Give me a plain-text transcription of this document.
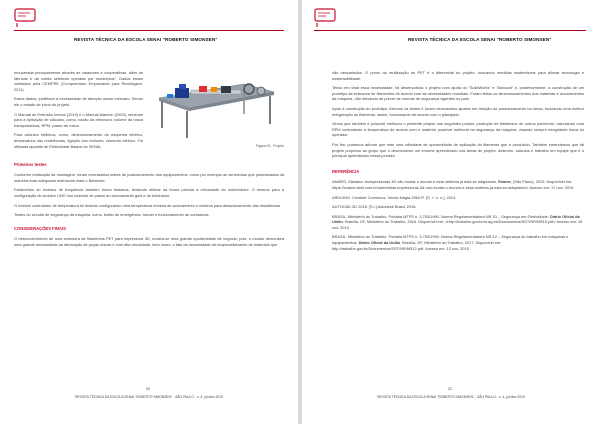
REVISTA TÉCNICA DA ESCOLA SENAI "ROBERTO SIMONSEN"
Figura 03 - Projeto

recuperada principalmente através de catadores e cooperativas, além de fábricas e da coleta seletivos operada por municípios". Dados esses coletados pela CEMPRE (Compromisso Empresarial para Reciclagem, 2011).

Esses dados, justificam a necessidade de atenção nesse mercado. Sendo ele o estado de início do projeto.

O Manual de Extrusão Innova (2019) e o Manual Manrich (2003), serviram para a aplicação de cálculos, como, vazão da extrusora, volume da rosca transportadora, RPM, passo de rosca.

Para cálculos elétricos, como, dimensionamento do esquema elétrico, temperatura das resistências, ligação dos motores, cemento elétrico. Foi utilizada apostila de Eletricidade Básica do SENAI.

Primeiros testes

Conforme realização da montagem, foram necessários testes de posicionamento dos equipamentos, como por exemplo as ventoinhas que posicionadas da maneira mais adequada resfriavam mais o filamento.

Parâmetros do inversor de frequência também foram testados, tentando alinhar da forma precisa a velocidade do motoredutor. O mesmo para a configuração do Arduino UNO nos motores de passo do acionamento guia e do bobinador.

O módulo controlador de temperatura foi testado configurando uma temperatura mínima de acionamento e máxima para desacionamento das resistências.

Testes do circuito de segurança da máquina, como, botão de emergência, fusível e funcionamento de contatoras.

CONSIDERAÇÕES FINAIS

O desenvolvimento de uma extrusora de filamentos PET para impressora 3D, mostra-se uma grande oportunidade de negócio, pois, o mundo demonstra uma grande necessidade da fabricação de peças únicas e com alta velocidade, bem como, o fato da necessidade de reaproveitamento de materiais que

20
REVISTA TÉCNICA DA ESCOLA SENAI "ROBERTO SIMONSEN" - SÃO PAULO - n. 4, jul./dez 2019
REVISTA TÉCNICA DA ESCOLA SENAI "ROBERTO SIMONSEN"

são descartados. O ponto da reutilização do PET é o diferencial do projeto, buscando medidas sustentáveis para alinhar tecnologia e sustentabilidade.

Tendo em vista essa necessidade, foi desenvolvido o projeto com ajuda do "SolidWorks" e "Autocad" e, posteriormente, a construção de um protótipo da extrusora de filamentos de acordo com as necessidades mundiais. Foram feitos os dimensionamentos dos materiais e acionamentos da máquina, não deixando de prever as normas de segurança vigentes no país.

Após a construção do protótipo, fizemos os testes e foram necessários ajustes em relação ao posicionamento na mesa, buscando uma melhor refrigeração do filamento, assim, funcionando de acordo com o planejado.

Vimos que também é possível melhorar o presente projeto nos seguintes pontos: produção de filamentos de outros polímeros, calculando uma RPM controlando a temperatura de acordo com o material; possível melhoria na segurança da máquina, visando sempre integridade física do operador.

Por fim, podemos afirmar que este uma infinidade de oportunidade de aplicação do filamento que é produzido. Também entendemos que tal projeto propiciou ao grupo que o desenvolveu um enorme aprendizado nas áreas de projeto, desenho, cálculos e trabalho em equipe que é o principal aprendizado nessa jornada.

REFERÊNCIA

AMARO, Mariana. Asimpressoras 3D vão mudar o mundo e esse sistema já está se adaptando. Exame, (São Paulo), 2019. Disponível em: https://exame.abril.com.br/carreira/as-impressoras-3d-vao-mudar-o-mundo-e-esse-sistema-ja-esta-se-adaptando/. Acesso em: 17 nov. 2019.

ARDUINO. Creative Commons, Vendo Magia 2560 R. [S. l.: s. n.], 2014.

AUTOCAD 3D 2016. [S.l.] Autodesk Brasil, 2016.

BRASIL. Ministério do Trabalho. Portaria MTPS n. 3.753/1990. Norma Regulamentadora NR 10 – Segurança em Eletricidade. Diário Oficial da União. Brasília, DF, Ministério do Trabalho, 2016. Disponível em: <http://trabalho.gov.br/nr.ag.es/Documentos/SST/NR/NR10.pdf> Acesso em: 18 nov. 2019.

BRASIL. Ministério do Trabalho. Portaria MTPS n. 3.753/1990. Norma Regulamentadora NR-12 – Segurança do trabalho em máquinas e equipamentos. Diário Oficial da União. Brasília, DF, Ministério do Trabalho, 2017. Disponível em: http://trabalho.gov.br/Documentos/SST/NR/NR12.pdf. Acesso em: 13 nov. 2019.

21
REVISTA TÉCNICA DA ESCOLA SENAI "ROBERTO SIMONSEN" - SÃO PAULO - n. 4, jul./dez 2019
